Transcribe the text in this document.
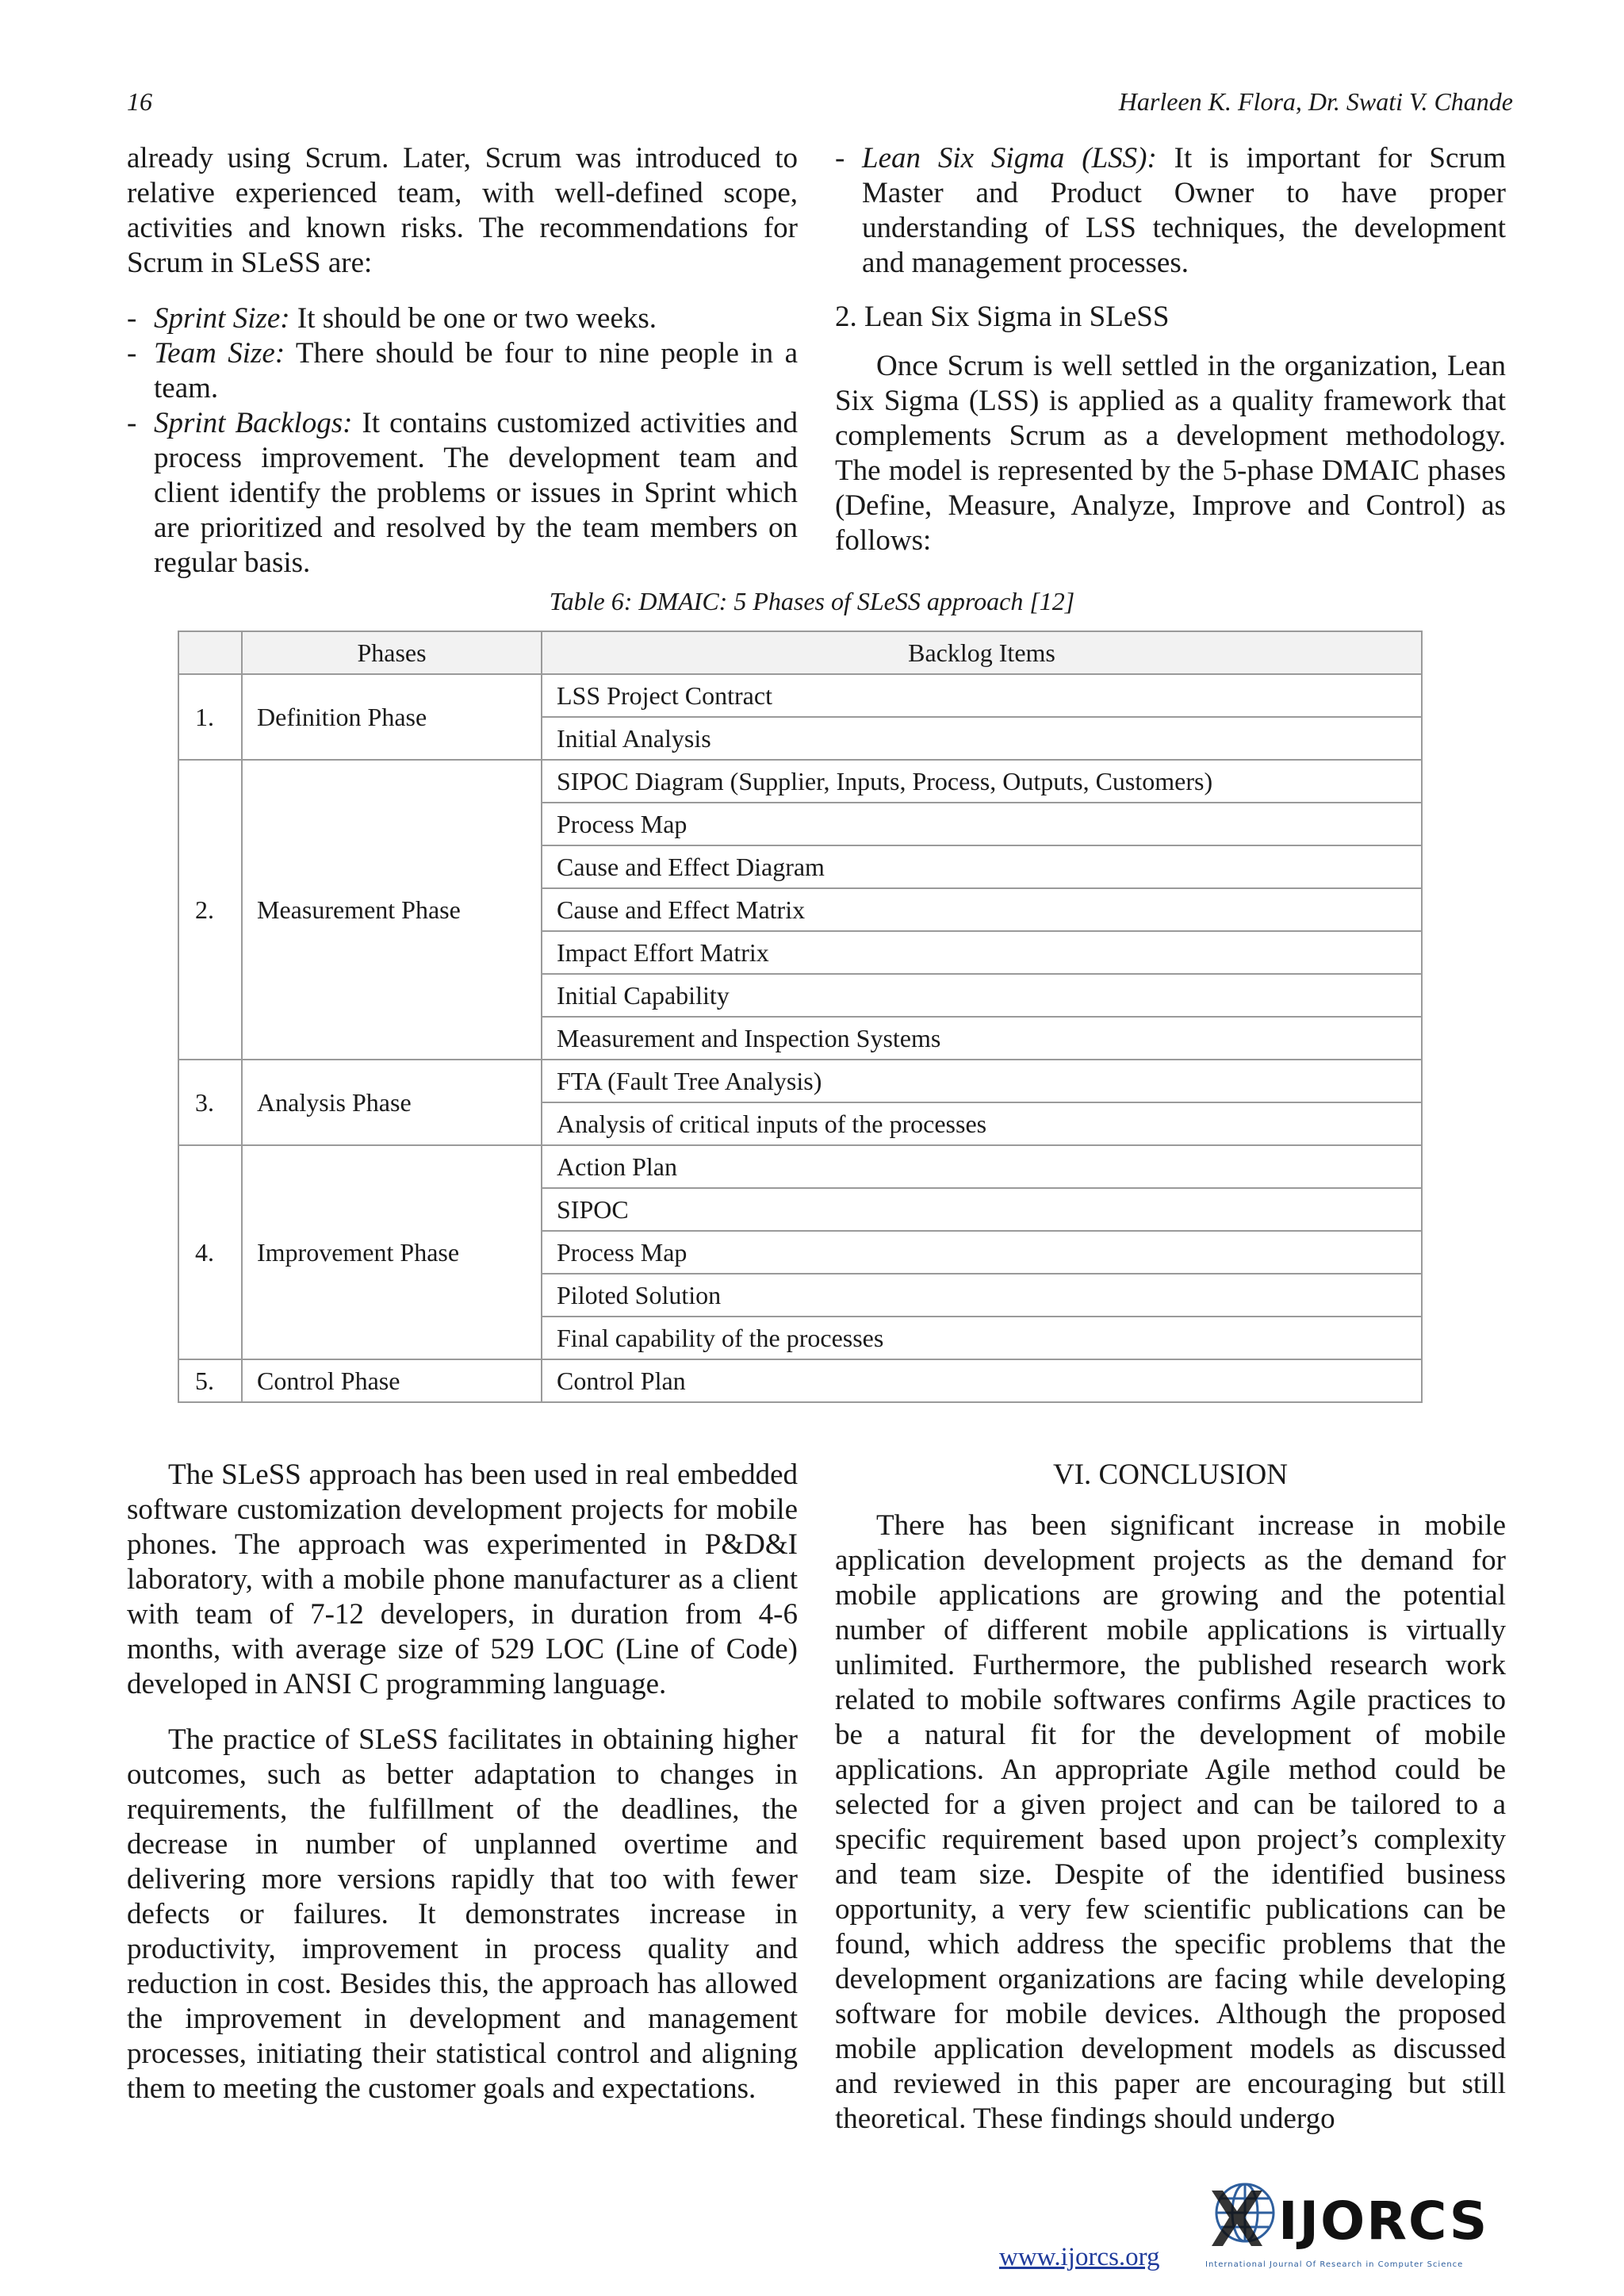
16	Harleen K. Flora, Dr. Swati V. Chande

already using Scrum. Later, Scrum was introduced to relative experienced team, with well-defined scope, activities and known risks. The recommendations for Scrum in SLeSS are:

- Sprint Size: It should be one or two weeks.
- Team Size: There should be four to nine people in a team.
- Sprint Backlogs: It contains customized activities and process improvement. The development team and client identify the problems or issues in Sprint which are prioritized and resolved by the team members on regular basis.
- Lean Six Sigma (LSS): It is important for Scrum Master and Product Owner to have proper understanding of LSS techniques, the development and management processes.
2. Lean Six Sigma in SLeSS

Once Scrum is well settled in the organization, Lean Six Sigma (LSS) is applied as a quality framework that complements Scrum as a development methodology. The model is represented by the 5-phase DMAIC phases (Define, Measure, Analyze, Improve and Control) as follows:

Table 6: DMAIC: 5 Phases of SLeSS approach [12]
	Phases	Backlog Items
1.	Definition Phase	LSS Project Contract
		Initial Analysis
2.	Measurement Phase	SIPOC Diagram (Supplier, Inputs, Process, Outputs, Customers)
		Process Map
		Cause and Effect Diagram
		Cause and Effect Matrix
		Impact Effort Matrix
		Initial Capability
		Measurement and Inspection Systems
3.	Analysis Phase	FTA (Fault Tree Analysis)
		Analysis of critical inputs of the processes
4.	Improvement Phase	Action Plan
		SIPOC
		Process Map
		Piloted Solution
		Final capability of the processes
5.	Control Phase	Control Plan

The SLeSS approach has been used in real embedded software customization development projects for mobile phones. The approach was experimented in P&D&I laboratory, with a mobile phone manufacturer as a client with team of 7-12 developers, in duration from 4-6 months, with average size of 529 LOC (Line of Code) developed in ANSI C programming language.

The practice of SLeSS facilitates in obtaining higher outcomes, such as better adaptation to changes in requirements, the fulfillment of the deadlines, the decrease in number of unplanned overtime and delivering more versions rapidly that too with fewer defects or failures. It demonstrates increase in productivity, improvement in process quality and reduction in cost. Besides this, the approach has allowed the improvement in development and management processes, initiating their statistical control and aligning them to meeting the customer goals and expectations.

VI. CONCLUSION

There has been significant increase in mobile application development projects as the demand for mobile applications are growing and the potential number of different mobile applications is virtually unlimited. Furthermore, the published research work related to mobile softwares confirms Agile practices to be a natural fit for the development of mobile applications. An appropriate Agile method could be selected for a given project and can be tailored to a specific requirement based upon project’s complexity and team size. Despite of the identified business opportunity, a very few scientific publications can be found, which address the specific problems that the development organizations are facing while developing software for mobile devices. Although the proposed mobile application development models as discussed and reviewed in this paper are encouraging but still theoretical. These findings should undergo

www.ijorcs.org
IJORCS
International Journal Of Research in Computer Science
